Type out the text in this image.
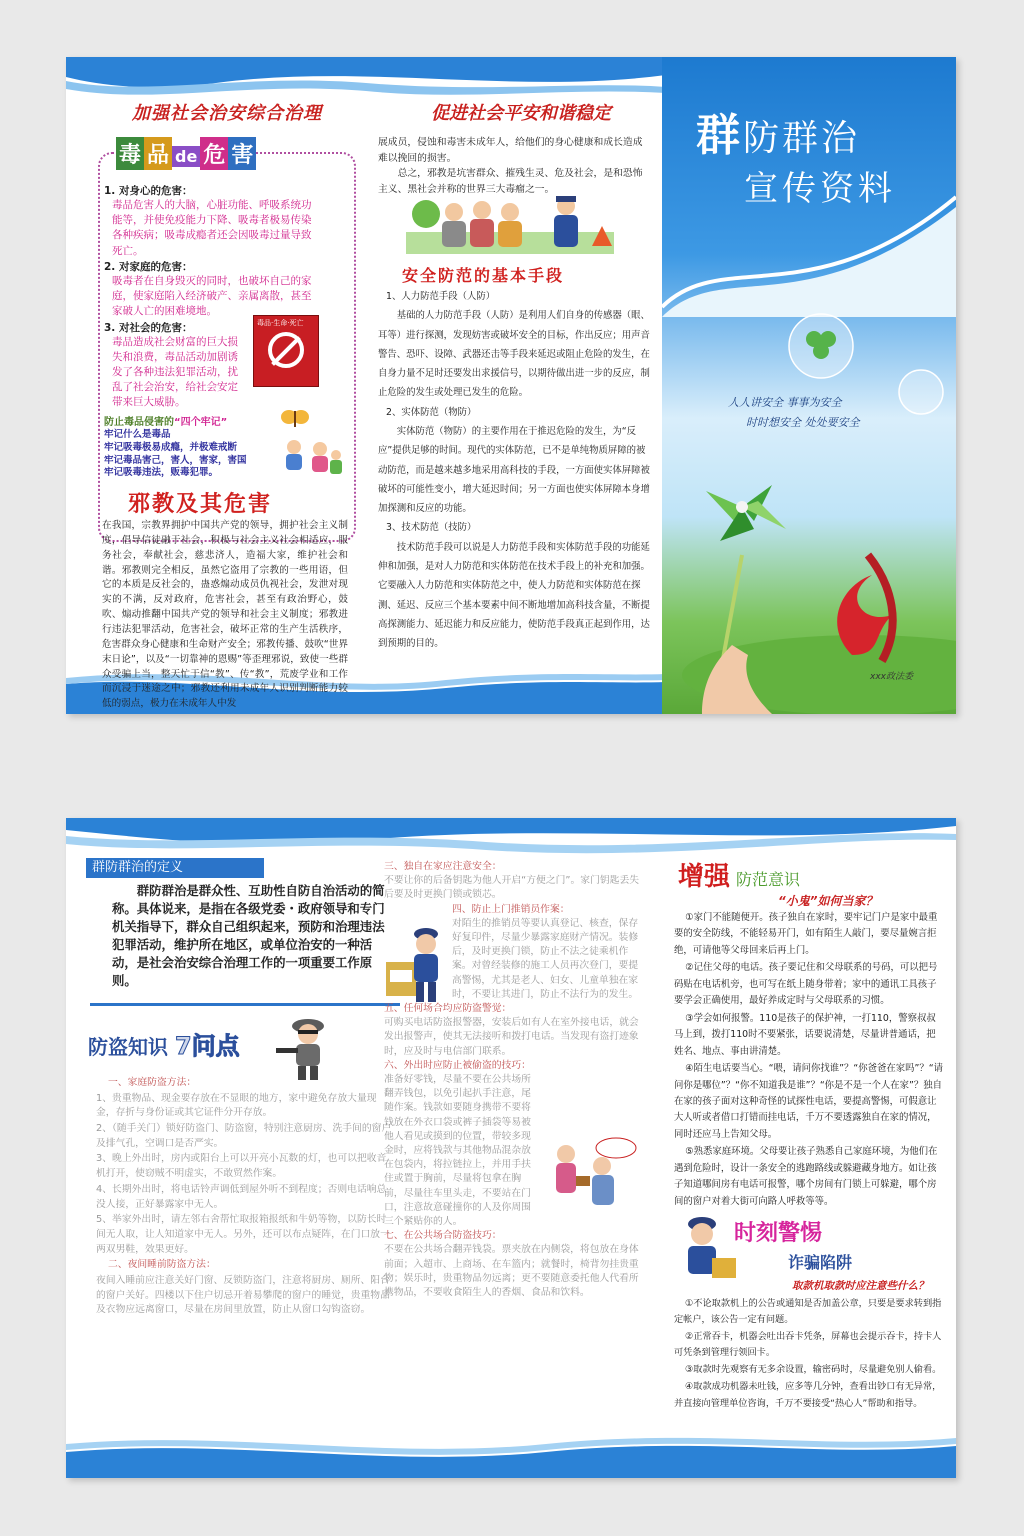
加强社会治安综合治理
毒 品 de 危 害
1. 对身心的危害：
毒品危害人的大脑，心脏功能、呼吸系统功能等，并使免疫能力下降、吸毒者极易传染各种疾病；吸毒成瘾者还会因吸毒过量导致死亡。
2. 对家庭的危害：
吸毒者在自身毁灭的同时，也破坏自己的家庭，使家庭陷入经济破产、亲属离散，甚至家破人亡的困难境地。
3. 对社会的危害：
毒品造成社会财富的巨大损失和浪费，毒品活动加剧诱发了各种违法犯罪活动，扰乱了社会治安，给社会安定带来巨大威胁。
毒品·生命·死亡
防止毒品侵害的“四个牢记”
牢记什么是毒品
牢记吸毒极易成瘾，并极难戒断
牢记毒品害己，害人，害家，害国
牢记吸毒违法，贩毒犯罪。
邪教及其危害
在我国，宗教界拥护中国共产党的领导，拥护社会主义制度，倡导信徒融于社会，积极与社会主义社会相适应，服务社会，奉献社会，慈悲济人，造福大家，维护社会和谐。邪教则完全相反，虽然它盗用了宗教的一些用语，但它的本质是反社会的，蛊惑煽动成员仇视社会，发泄对现实的不满，反对政府，危害社会，甚至有政治野心，鼓吹、煽动推翻中国共产党的领导和社会主义制度；邪教进行违法犯罪活动，危害社会，破坏正常的生产生活秩序，危害群众身心健康和生命财产安全；邪教传播、鼓吹“世界末日论”，以及“一切靠神的恩赐”等歪理邪说，致使一些群众受骗上当，整天忙于信“教”、传“教”，荒废学业和工作而沉浸于迷途之中；邪教还利用未成年人识别判断能力较低的弱点，极力在未成年人中发
促进社会平安和谐稳定

展成员，侵蚀和毒害未成年人，给他们的身心健康和成长造成难以挽回的损害。

总之，邪教是坑害群众、摧残生灵、危及社会，是和恐怖主义、黑社会并称的世界三大毒瘤之一。

安全防范的基本手段
1、人力防范手段（人防）

基础的人力防范手段（人防）是利用人们自身的传感器（眼、耳等）进行探测，发现妨害或破坏安全的目标，作出反应；用声音警告、恐吓、设障、武器还击等手段来延迟或阻止危险的发生，在自身力量不足时还要发出求援信号，以期待做出进一步的反应，制止危险的发生或处理已发生的危险。

2、实体防范（物防）

实体防范（物防）的主要作用在于推迟危险的发生，为“反应”提供足够的时间。现代的实体防范，已不是单纯物质屏障的被动防范，而是越来越多地采用高科技的手段，一方面使实体屏障被破坏的可能性变小，增大延迟时间；另一方面也使实体屏障本身增加探测和反应的功能。

3、技术防范（技防）

技术防范手段可以说是人力防范手段和实体防范手段的功能延伸和加强，是对人力防范和实体防范在技术手段上的补充和加强。它要融入人力防范和实体防范之中，使人力防范和实体防范在探测、延迟、反应三个基本要素中间不断地增加高科技含量，不断提高探测能力、延迟能力和反应能力，使防范手段真正起到作用，达到预期的目的。

群防群治
宣传资料
人人讲安全 事事为安全
时时想安全 处处要安全
xxx政法委
群防群治的定义
群防群治是群众性、互助性自防自治活动的简称。具体说来，是指在各级党委・政府领导和专门机关指导下，群众自己组织起来，预防和治理违法犯罪活动，维护所在地区，或单位治安的一种活动，是社会治安综合治理工作的一项重要工作原则。
防盗知识 7问点

一、家庭防盗方法：

1、贵重物品、现金要存放在不显眼的地方，家中避免存放大量现金，存折与身份证或其它证件分开存放。

2、（随手关门）锁好防盗门、防盗窗，特别注意厨房、洗手间的窗户及排气孔，空调口是否严实。

3、晚上外出时，房内或阳台上可以开亮小瓦数的灯，也可以把收音机打开，使窃贼不明虚实，不敢贸然作案。

4、长期外出时，将电话铃声调低到屋外听不到程度；否则电话响总没人接，正好暴露家中无人。

5、举家外出时，请左邻右舍帮忙取报箱报纸和牛奶等物，以防长时间无人取，让人知道家中无人。另外，还可以布点疑阵，在门口放一两双男鞋，效果更好。

二、夜间睡前防盗方法：

夜间入睡前应注意关好门窗、反锁防盗门，注意将厨房、厕所、阳台的窗户关好。四楼以下住户切忌开着易攀爬的窗户的睡觉，贵重物品及衣物应远离窗口，尽量在房间里放置，防止从窗口勾钩盗窃。

三、独自在家应注意安全：

不要让你的后备钥匙为他人开启“方便之门”。家门钥匙丢失后要及时更换门锁或锁芯。

四、防止上门推销员作案：

对陌生的推销员等要认真登记、核查，保存好复印件，尽量少暴露家庭财产情况。装修后，及时更换门锁，防止不法之徒乘机作案。对曾经装修的施工人员再次登门，要提高警惕，尤其是老人、妇女、儿童单独在家时，不要让其进门，防止不法行为的发生。

五、任何场合均应防盗警觉：

可购买电话防盗报警器，安装后如有人在室外接电话，就会发出报警声，使其无法接听和拨打电话。当发现有盗打迹象时，应及时与电信部门联系。

六、外出时应防止被偷盗的技巧：

准备好零钱，尽量不要在公共场所翻弄钱包，以免引起扒手注意，尾随作案。钱款如要随身携带不要将钱放在外衣口袋或裤子插袋等易被他人看见或摸到的位置，带较多现金时，应将钱款与其他物品混杂放在包袋内，将拉链拉上，并用手扶住或置于胸前，尽量将包拿在胸前，尽量往车里头走，不要站在门口，注意故意碰撞你的人及你周围三个紧贴你的人。

七、在公共场合防盗技巧：

不要在公共场合翻弄钱袋。票夹放在内侧袋，将包放在身体前面；入超市、上商场、在车篮内；就餐时，椅背勿挂贵重物；娱乐时，贵重物品勿远离；更不要随意委托他人代看所携物品，不要收食陌生人的香烟、食品和饮料。

增强 防范意识
“小鬼”如何当家？

①家门不能随便开。孩子独自在家时，要牢记门户是家中最重要的安全防线，不能轻易开门，如有陌生人敲门，要尽量婉言拒绝，可请他等父母回来后再上门。

②记住父母的电话。孩子要记住和父母联系的号码，可以把号码贴在电话机旁，也可写在纸上随身带着；家中的通讯工具孩子要学会正确使用，最好养成定时与父母联系的习惯。

③学会如何报警。110是孩子的保护神，一打110，警察叔叔马上到，拨打110时不要紧张，话要说清楚，尽量讲普通话，把姓名、地点、事由讲清楚。

④陌生电话要当心。“喂，请问你找谁”？“你爸爸在家吗”？“请问你是哪位”？“你不知道我是谁”？“你是不是一个人在家”？独自在家的孩子面对这种奇怪的试探性电话，要提高警惕，可假意让大人听或者借口打错而挂电话，千万不要透露独自在家的情况，同时还应马上告知父母。

⑤熟悉家庭环境。父母要让孩子熟悉自己家庭环境，为他们在遇到危险时，设计一条安全的逃跑路线或躲避藏身地方。如让孩子知道哪间房有电话可报警，哪个房间有门锁上可躲避，哪个房间的窗户对着大街可向路人呼救等等。

时刻警惕
诈骗陷阱
取款机取款时应注意些什么？

①不论取款机上的公告或通知是否加盖公章，只要是要求转到指定帐户，该公告一定有问题。

②正常吞卡，机器会吐出吞卡凭条，屏幕也会提示吞卡，持卡人可凭条到管理行领回卡。

③取款时先观察有无多余设置，输密码时，尽量避免别人偷看。

④取款成功机器未吐钱，应多等几分钟，查看出钞口有无异常，并直接向管理单位咨询，千万不要接受“热心人”帮助和指导。
